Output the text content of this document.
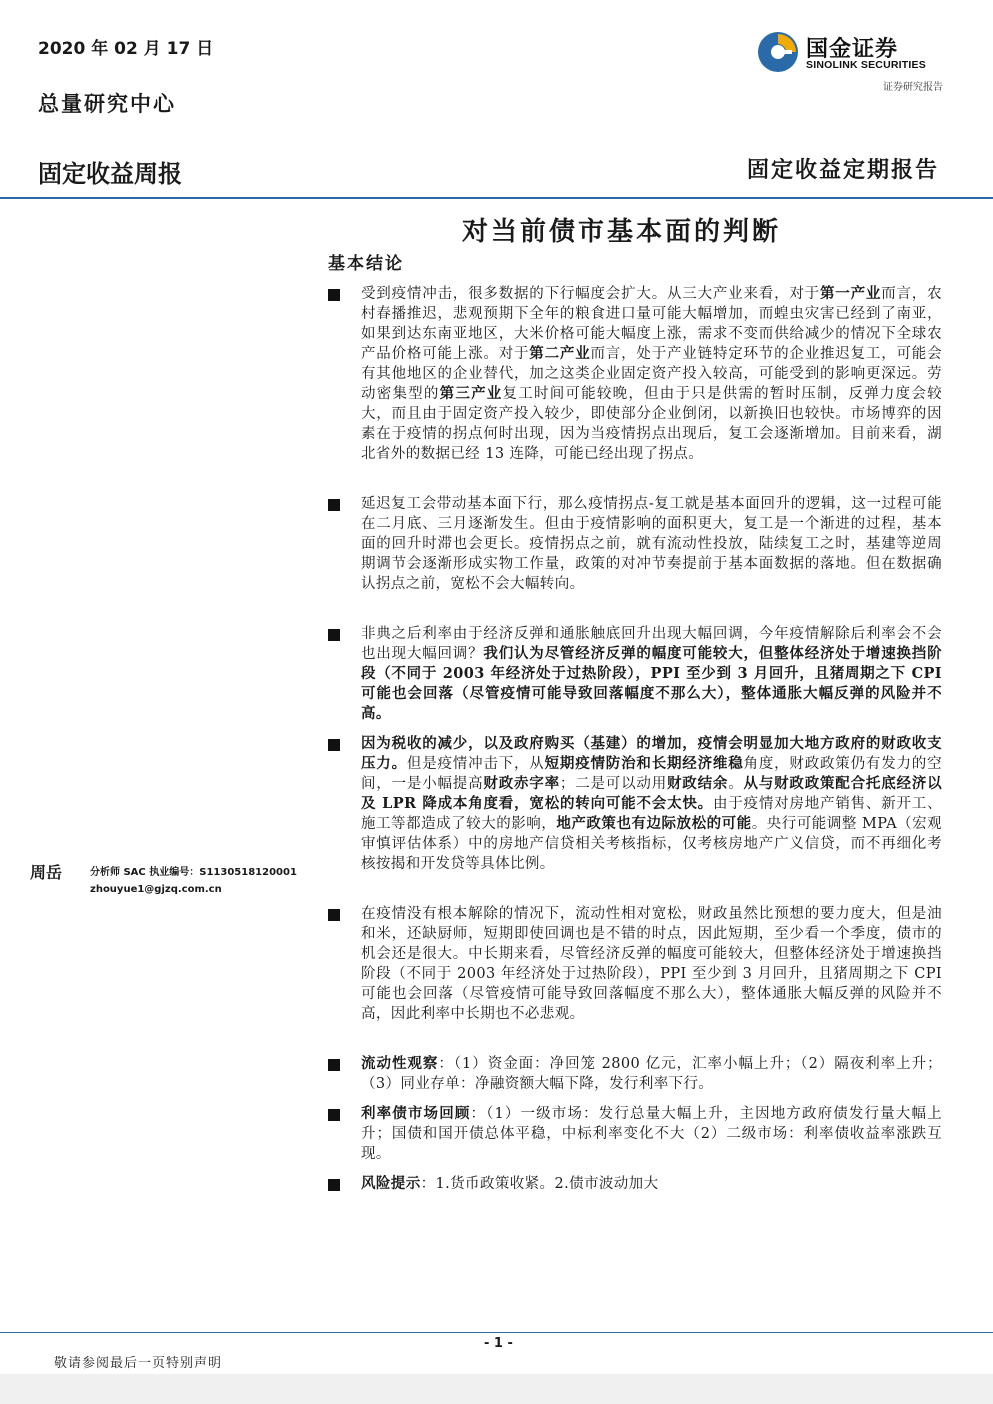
2020 年 02 月 17 日
总量研究中心
固定收益周报
国金证券
SINOLINK SECURITIES
证券研究报告
固定收益定期报告
对当前债市基本面的判断
基本结论
受到疫情冲击，很多数据的下行幅度会扩大。从三大产业来看，对于第一产业而言，农村春播推迟，悲观预期下全年的粮食进口量可能大幅增加，而蝗虫灾害已经到了南亚，如果到达东南亚地区，大米价格可能大幅度上涨，需求不变而供给减少的情况下全球农产品价格可能上涨。对于第二产业而言，处于产业链特定环节的企业推迟复工，可能会有其他地区的企业替代，加之这类企业固定资产投入较高，可能受到的影响更深远。劳动密集型的第三产业复工时间可能较晚，但由于只是供需的暂时压制，反弹力度会较大，而且由于固定资产投入较少，即使部分企业倒闭，以新换旧也较快。市场博弈的因素在于疫情的拐点何时出现，因为当疫情拐点出现后，复工会逐渐增加。目前来看，湖北省外的数据已经 13 连降，可能已经出现了拐点。
延迟复工会带动基本面下行，那么疫情拐点-复工就是基本面回升的逻辑，这一过程可能在二月底、三月逐渐发生。但由于疫情影响的面积更大，复工是一个渐进的过程，基本面的回升时滞也会更长。疫情拐点之前，就有流动性投放，陆续复工之时，基建等逆周期调节会逐渐形成实物工作量，政策的对冲节奏提前于基本面数据的落地。但在数据确认拐点之前，宽松不会大幅转向。
非典之后利率由于经济反弹和通胀触底回升出现大幅回调，今年疫情解除后利率会不会也出现大幅回调？我们认为尽管经济反弹的幅度可能较大，但整体经济处于增速换挡阶段（不同于 2003 年经济处于过热阶段），PPI 至少到 3 月回升，且猪周期之下 CPI 可能也会回落（尽管疫情可能导致回落幅度不那么大），整体通胀大幅反弹的风险并不高。
因为税收的减少，以及政府购买（基建）的增加，疫情会明显加大地方政府的财政收支压力。但是疫情冲击下，从短期疫情防治和长期经济维稳角度，财政政策仍有发力的空间，一是小幅提高财政赤字率；二是可以动用财政结余。从与财政政策配合托底经济以及 LPR 降成本角度看，宽松的转向可能不会太快。由于疫情对房地产销售、新开工、施工等都造成了较大的影响，地产政策也有边际放松的可能。央行可能调整 MPA（宏观审慎评估体系）中的房地产信贷相关考核指标，仅考核房地产广义信贷，而不再细化考核按揭和开发贷等具体比例。
在疫情没有根本解除的情况下，流动性相对宽松，财政虽然比预想的要力度大，但是油和米，还缺厨师，短期即使回调也是不错的时点，因此短期，至少看一个季度，债市的机会还是很大。中长期来看，尽管经济反弹的幅度可能较大，但整体经济处于增速换挡阶段（不同于 2003 年经济处于过热阶段），PPI 至少到 3 月回升，且猪周期之下 CPI 可能也会回落（尽管疫情可能导致回落幅度不那么大），整体通胀大幅反弹的风险并不高，因此利率中长期也不必悲观。
流动性观察：（1）资金面：净回笼 2800 亿元，汇率小幅上升；（2）隔夜利率上升；（3）同业存单：净融资额大幅下降，发行利率下行。
利率债市场回顾：（1）一级市场：发行总量大幅上升，主因地方政府债发行量大幅上升；国债和国开债总体平稳，中标利率变化不大（2）二级市场：利率债收益率涨跌互现。
风险提示：1.货币政策收紧。2.债市波动加大
周岳	分析师 SAC 执业编号：S1130518120001
zhouyue1@gjzq.com.cn
- 1 -
敬请参阅最后一页特别声明
